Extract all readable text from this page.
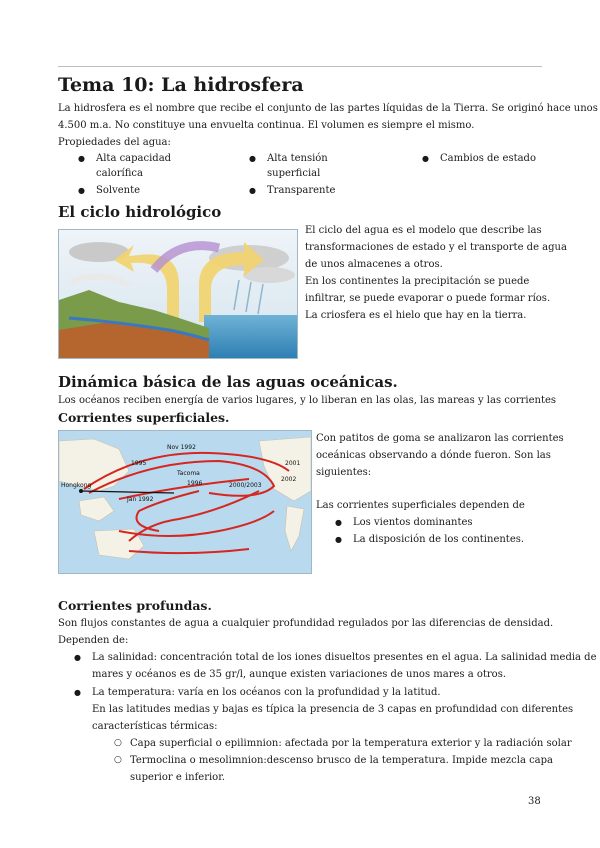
Tema 10: La hidrosfera
La hidrosfera es el nombre que recibe el conjunto de las partes líquidas de la Tierra. Se originó hace unos
4.500 m.a. No constituye una envuelta continua. El volumen es siempre el mismo.
Propiedades del agua:
● Alta capacidad
calorífica
● Solvente
● Alta tensión
superficial
● Transparente
● Cambios de estado
El ciclo hidrológico
El ciclo del agua es el modelo que describe las
transformaciones de estado y el transporte de agua
de unos almacenes a otros.
En los continentes la precipitación se puede
infiltrar, se puede evaporar o puede formar ríos.
La criosfera es el hielo que hay en la tierra.
Dinámica básica de las aguas oceánicas.
Los océanos reciben energía de varios lugares, y lo liberan en las olas, las mareas y las corrientes
Corrientes superficiales.
Hongkong
Nov 1992
1995
Tacoma
1996
Jan 1992
2000/2003
2001
2002
Con patitos de goma se analizaron las corrientes
oceánicas observando a dónde fueron. Son las
siguientes:
Las corrientes superficiales dependen de
● Los vientos dominantes
● La disposición de los continentes.
Corrientes profundas.
Son flujos constantes de agua a cualquier profundidad regulados por las diferencias de densidad.
Dependen de:
● La salinidad: concentración total de los iones disueltos presentes en el agua. La salinidad media de
mares y océanos es de 35 gr/l, aunque existen variaciones de unos mares a otros.
● La temperatura: varía en los océanos con la profundidad y la latitud.
En las latitudes medias y bajas es típica la presencia de 3 capas en profundidad con diferentes
características térmicas:
○ Capa superficial o epilimnion: afectada por la temperatura exterior y la radiación solar
○ Termoclina o mesolimnion:descenso brusco de la temperatura. Impide mezcla capa
superior e inferior.
38
